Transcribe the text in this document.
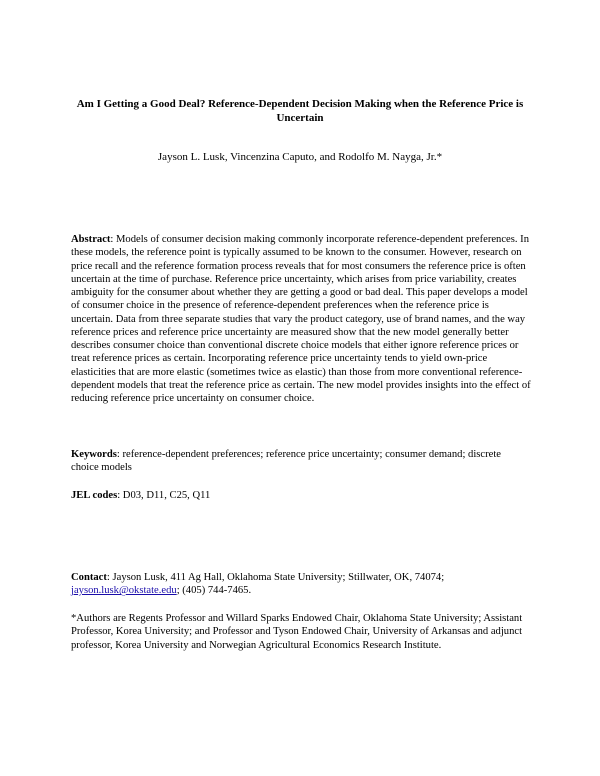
Am I Getting a Good Deal? Reference-Dependent Decision Making when the Reference Price is Uncertain
Jayson L. Lusk, Vincenzina Caputo, and Rodolfo M. Nayga, Jr.*
Abstract: Models of consumer decision making commonly incorporate reference-dependent preferences. In these models, the reference point is typically assumed to be known to the consumer. However, research on price recall and the reference formation process reveals that for most consumers the reference price is often uncertain at the time of purchase. Reference price uncertainty, which arises from price variability, creates ambiguity for the consumer about whether they are getting a good or bad deal. This paper develops a model of consumer choice in the presence of reference-dependent preferences when the reference price is uncertain. Data from three separate studies that vary the product category, use of brand names, and the way reference prices and reference price uncertainty are measured show that the new model generally better describes consumer choice than conventional discrete choice models that either ignore reference prices or treat reference prices as certain. Incorporating reference price uncertainty tends to yield own-price elasticities that are more elastic (sometimes twice as elastic) than those from more conventional reference-dependent models that treat the reference price as certain. The new model provides insights into the effect of reducing reference price uncertainty on consumer choice.
Keywords: reference-dependent preferences; reference price uncertainty; consumer demand; discrete choice models
JEL codes: D03, D11, C25, Q11
Contact: Jayson Lusk, 411 Ag Hall, Oklahoma State University; Stillwater, OK, 74074;
jayson.lusk@okstate.edu; (405) 744-7465.
*Authors are Regents Professor and Willard Sparks Endowed Chair, Oklahoma State University; Assistant Professor, Korea University; and Professor and Tyson Endowed Chair, University of Arkansas and adjunct professor, Korea University and Norwegian Agricultural Economics Research Institute.
